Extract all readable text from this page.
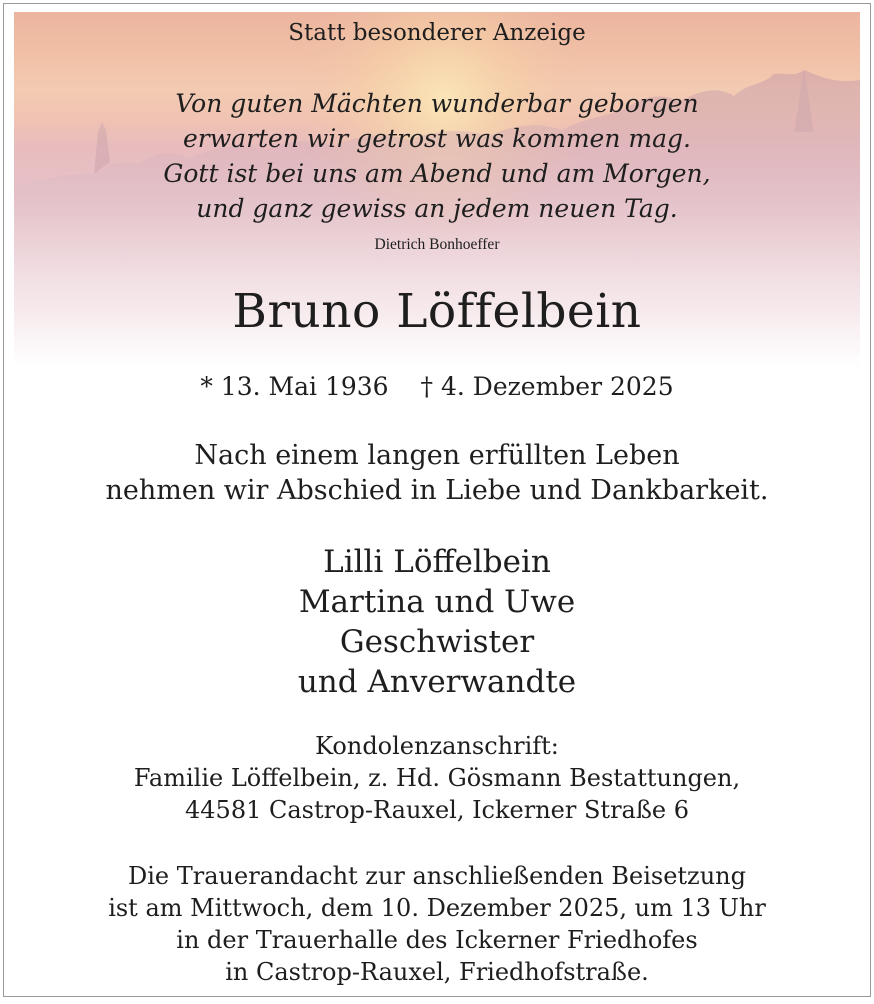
Statt besonderer Anzeige
Von guten Mächten wunderbar geborgen
erwarten wir getrost was kommen mag.
Gott ist bei uns am Abend und am Morgen,
und ganz gewiss an jedem neuen Tag.
Dietrich Bonhoeffer
Bruno Löffelbein
* 13. Mai 1936 † 4. Dezember 2025
Nach einem langen erfüllten Leben
nehmen wir Abschied in Liebe und Dankbarkeit.
Lilli Löffelbein
Martina und Uwe
Geschwister
und Anverwandte
Kondolenzanschrift:
Familie Löffelbein, z. Hd. Gösmann Bestattungen,
44581 Castrop-Rauxel, Ickerner Straße 6
Die Trauerandacht zur anschließenden Beisetzung
ist am Mittwoch, dem 10. Dezember 2025, um 13 Uhr
in der Trauerhalle des Ickerner Friedhofes
in Castrop-Rauxel, Friedhofstraße.
